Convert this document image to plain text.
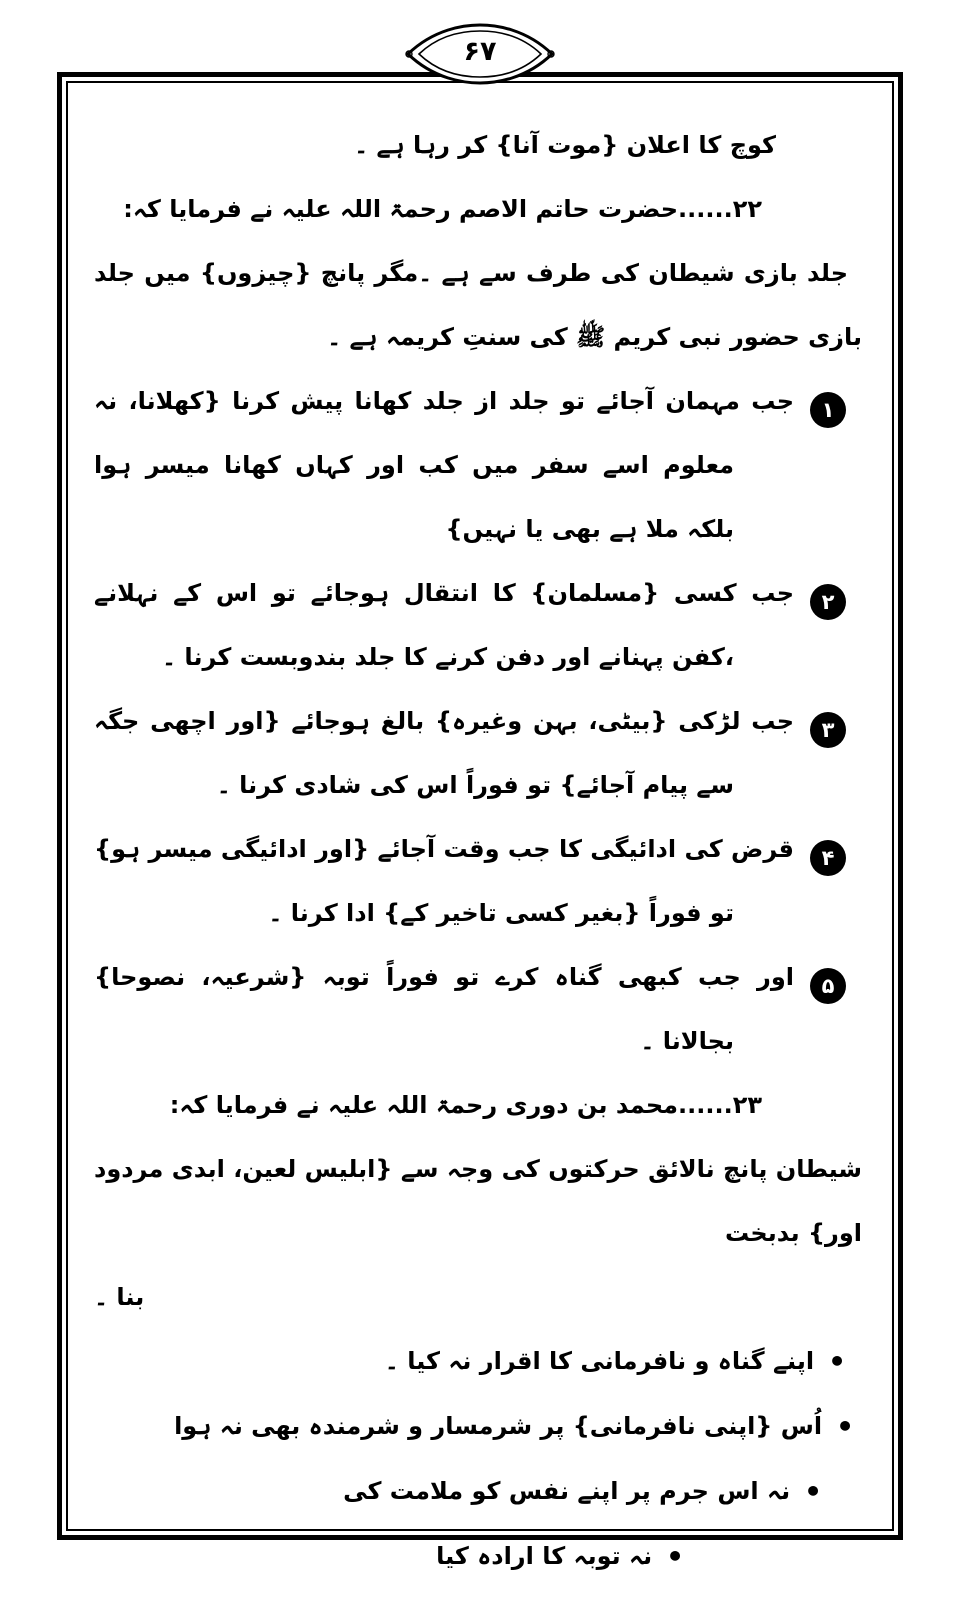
۶۷
کوچ کا اعلان {موت آنا} کر رہا ہے ۔
۲۲......حضرت حاتم الاصم رحمۃ اللہ علیہ نے فرمایا کہ:
جلد بازی شیطان کی طرف سے ہے ۔مگر پانچ {چیزوں} میں جلد بازی حضور نبی کریم ﷺ کی سنتِ کریمہ ہے ۔
۱جب مہمان آجائے تو جلد از جلد کھانا پیش کرنا {کھلانا، نہ معلوم اسے سفر میں کب اور کہاں کھانا میسر ہوا بلکہ ملا ہے بھی یا نہیں}
۲جب کسی {مسلمان} کا انتقال ہوجائے تو اس کے نہلانے ،کفن پہنانے اور دفن کرنے کا جلد بندوبست کرنا ۔
۳جب لڑکی {بیٹی، بہن وغیرہ} بالغ ہوجائے {اور اچھی جگہ سے پیام آجائے} تو فوراً اس کی شادی کرنا ۔
۴قرض کی ادائیگی کا جب وقت آجائے {اور ادائیگی میسر ہو} تو فوراً {بغیر کسی تاخیر کے} ادا کرنا ۔
۵اور جب کبھی گناہ کرے تو فوراً توبہ {شرعیہ، نصوحا} بجالانا ۔
۲۳......محمد بن دوری رحمۃ اللہ علیہ نے فرمایا کہ:
شیطان پانچ نالائق حرکتوں کی وجہ سے {ابلیس لعین، ابدی مردود اور} بدبخت
بنا ۔
•اپنے گناہ و نافرمانی کا اقرار نہ کیا ۔
•اُس {اپنی نافرمانی} پر شرمسار و شرمندہ بھی نہ ہوا
•نہ اس جرم پر اپنے نفس کو ملامت کی
•نہ توبہ کا ارادہ کیا
